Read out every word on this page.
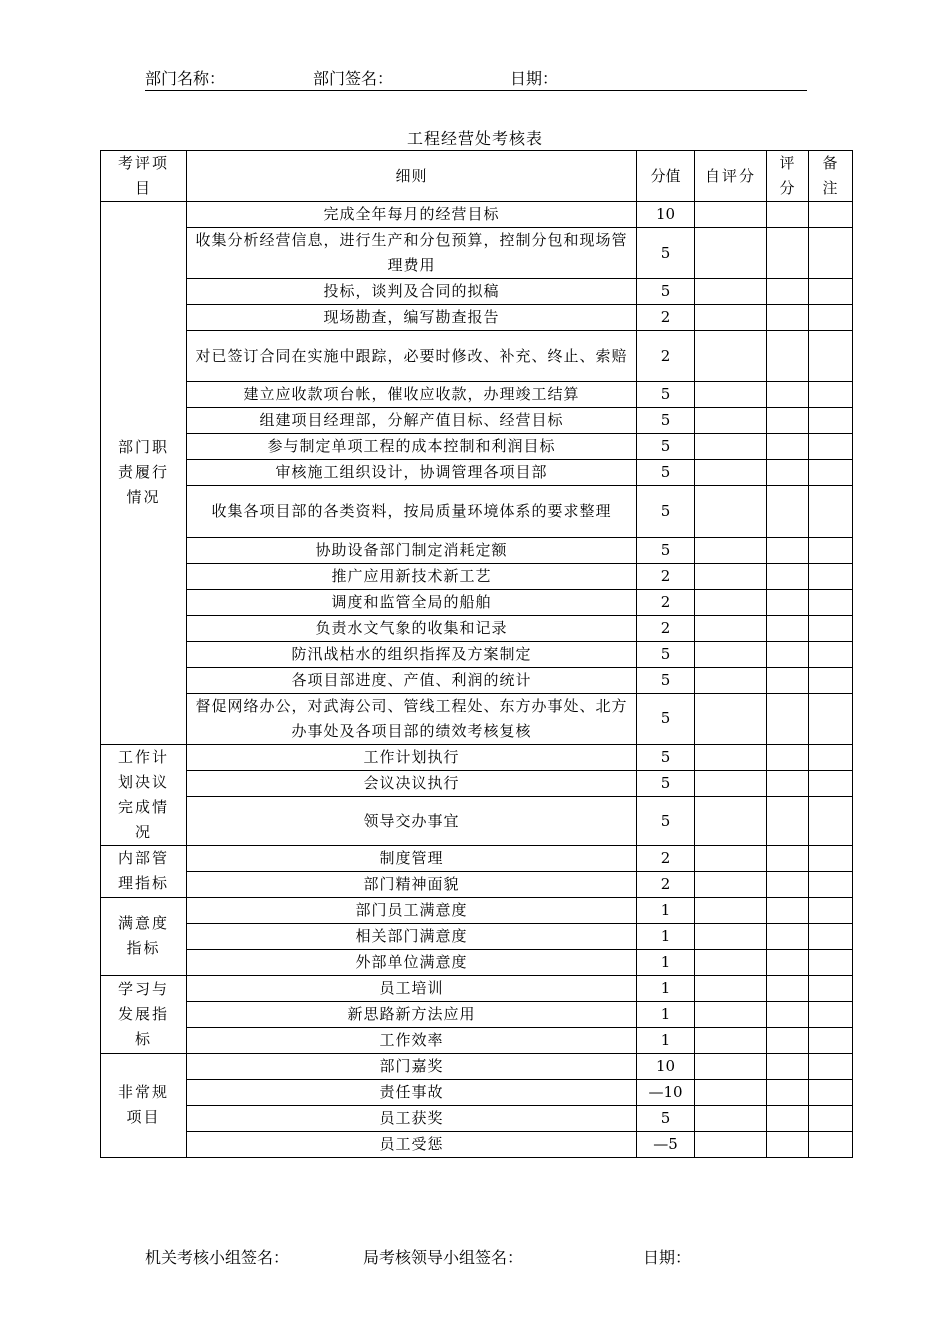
部门名称：	部门签名：	日期：
工程经营处考核表
考评项目	细则	分值	自评分	评分	备注
部门职责履行情况	完成全年每月的经营目标	10			
	收集分析经营信息，进行生产和分包预算，控制分包和现场管理费用	5			
	投标，谈判及合同的拟稿	5			
	现场勘查，编写勘查报告	2			
	对已签订合同在实施中跟踪，必要时修改、补充、终止、索赔	2			
	建立应收款项台帐，催收应收款，办理竣工结算	5			
	组建项目经理部，分解产值目标、经营目标	5			
	参与制定单项工程的成本控制和利润目标	5			
	审核施工组织设计，协调管理各项目部	5			
	收集各项目部的各类资料，按局质量环境体系的要求整理	5			
	协助设备部门制定消耗定额	5			
	推广应用新技术新工艺	2			
	调度和监管全局的船舶	2			
	负责水文气象的收集和记录	2			
	防汛战枯水的组织指挥及方案制定	5			
	各项目部进度、产值、利润的统计	5			
	督促网络办公，对武海公司、管线工程处、东方办事处、北方办事处及各项目部的绩效考核复核	5			
工作计划决议完成情况	工作计划执行	5			
	会议决议执行	5			
	领导交办事宜	5			
内部管理指标	制度管理	2			
	部门精神面貌	2			
满意度指标	部门员工满意度	1			
	相关部门满意度	1			
	外部单位满意度	1			
学习与发展指标	员工培训	1			
	新思路新方法应用	1			
	工作效率	1			
非常规项目	部门嘉奖	10			
	责任事故	—10			
	员工获奖	5			
	员工受惩	—5			
机关考核小组签名：	局考核领导小组签名：	日期：
